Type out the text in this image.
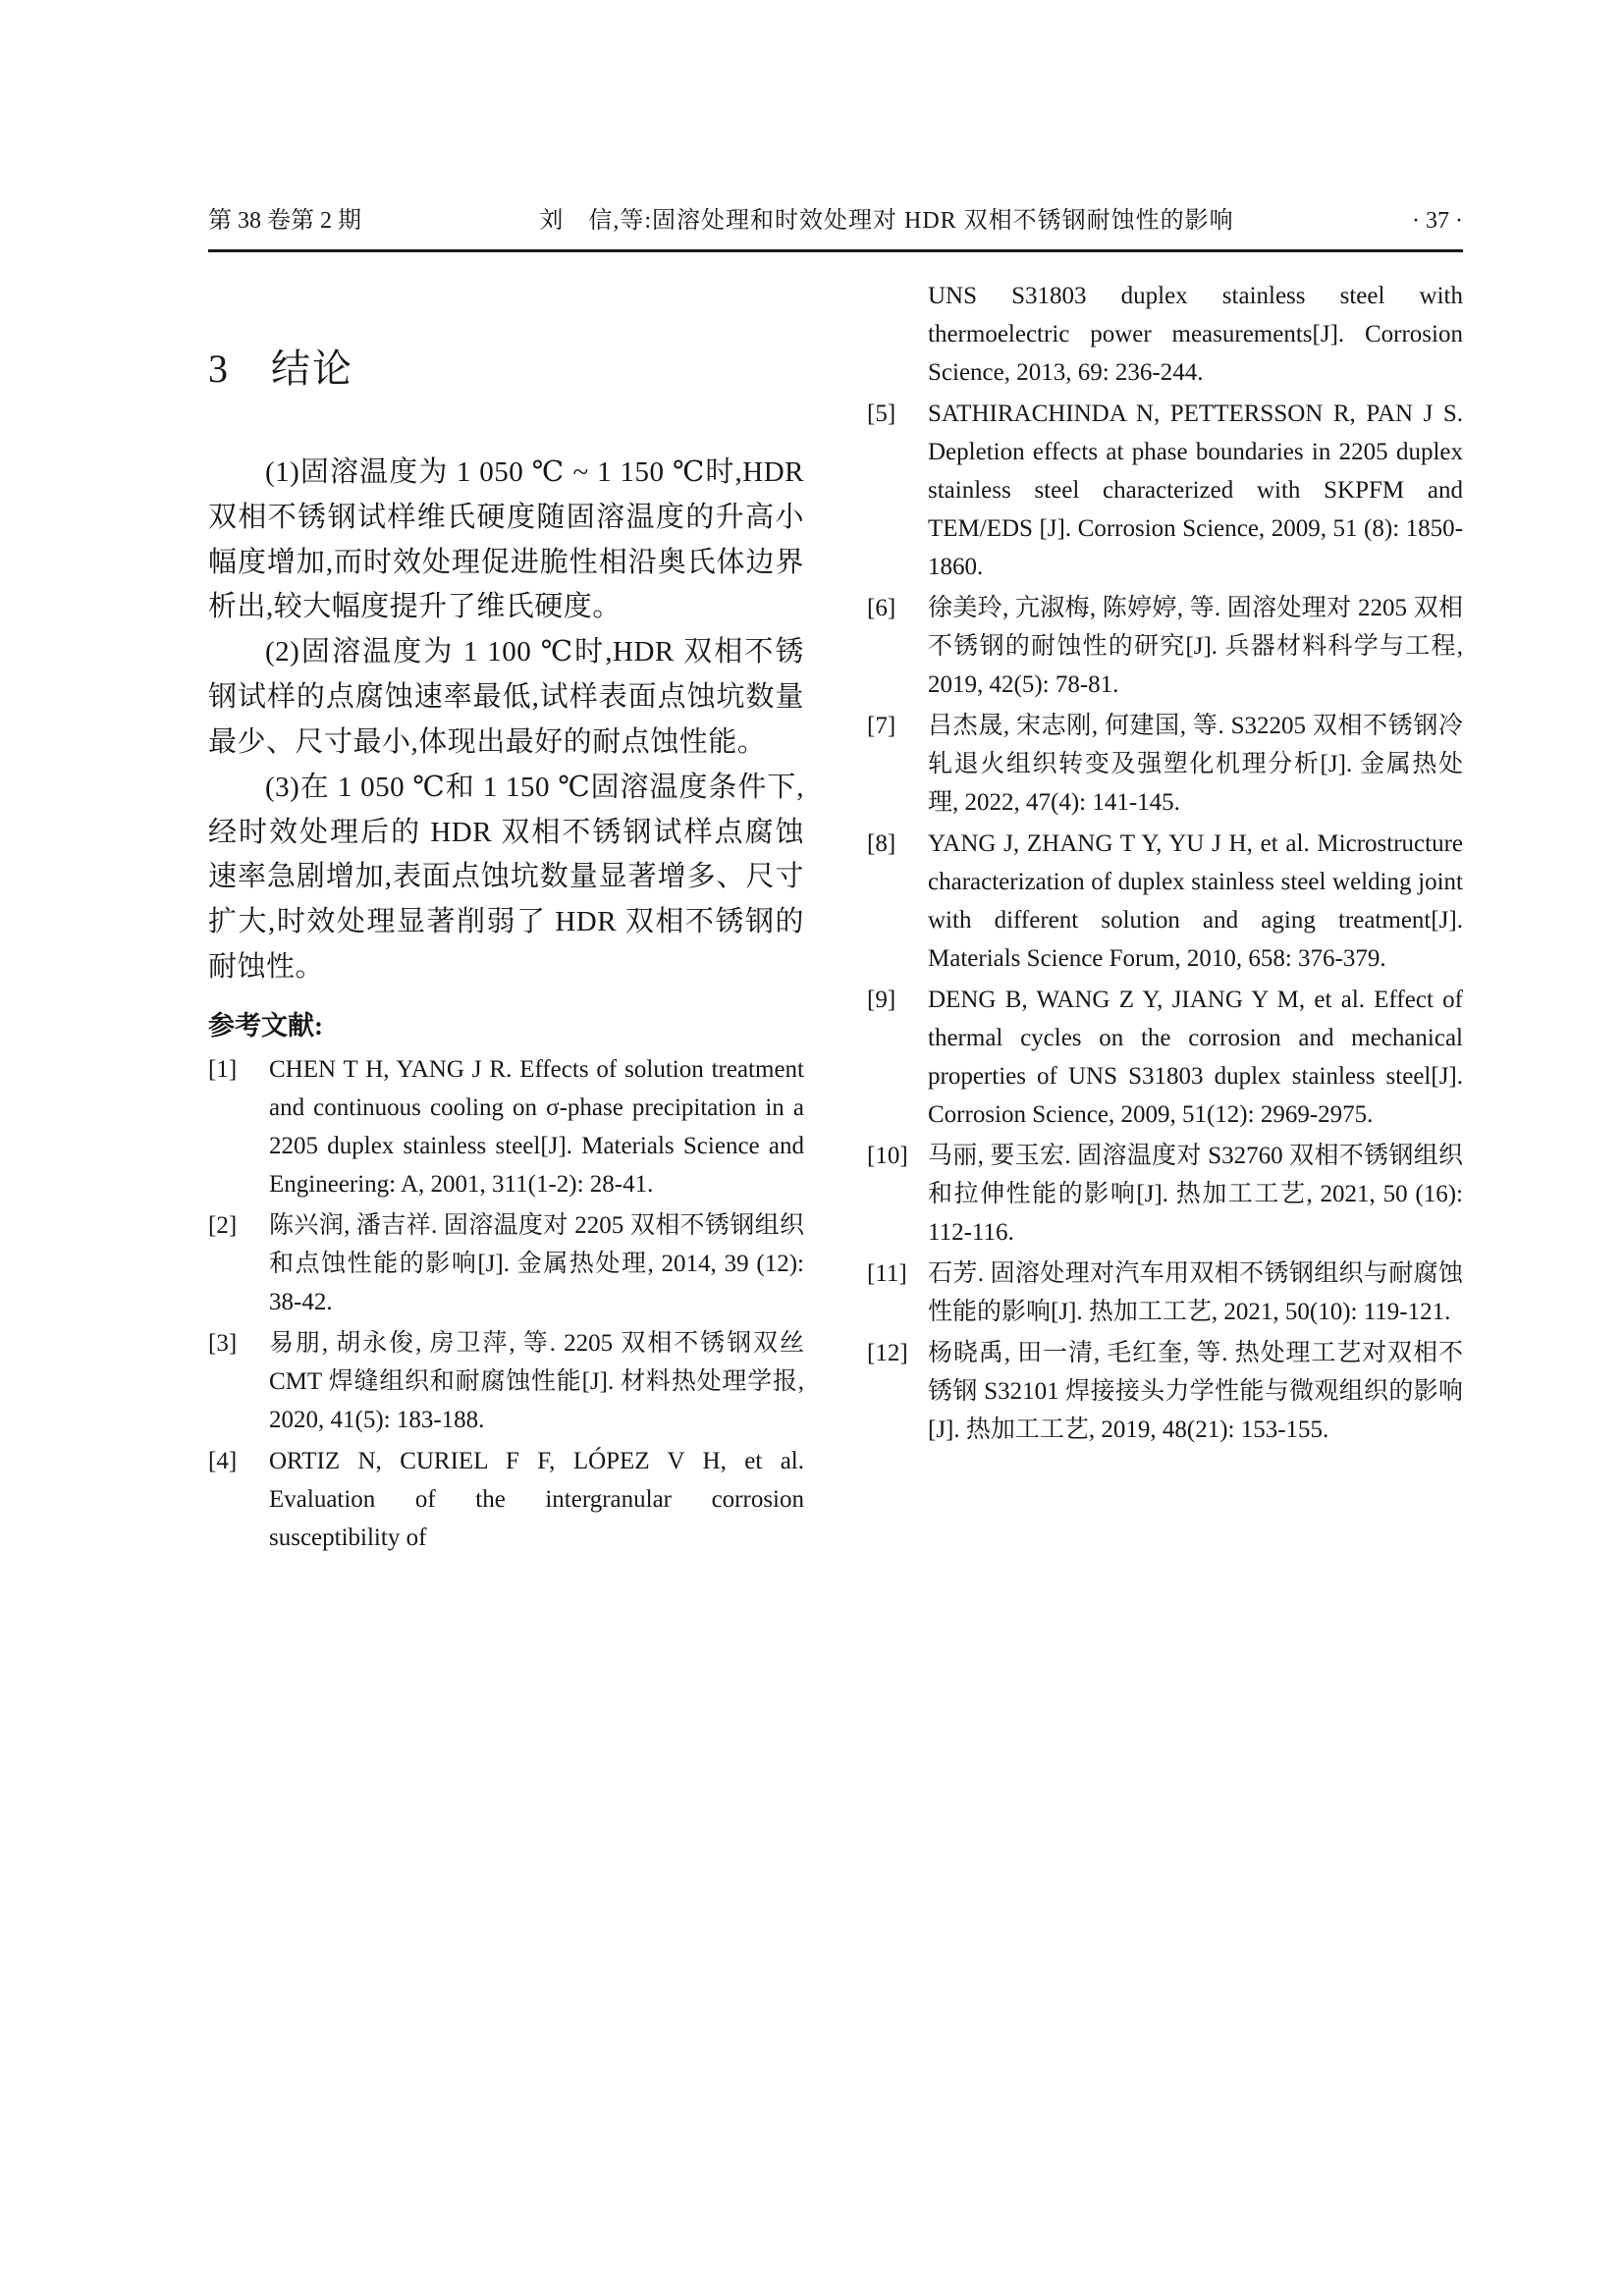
第 38 卷第 2 期	刘　信,等:固溶处理和时效处理对 HDR 双相不锈钢耐蚀性的影响	· 37 ·
3　结论

(1)固溶温度为 1 050 ℃ ~ 1 150 ℃时,HDR 双相不锈钢试样维氏硬度随固溶温度的升高小幅度增加,而时效处理促进脆性相沿奥氏体边界析出,较大幅度提升了维氏硬度。

(2)固溶温度为 1 100 ℃时,HDR 双相不锈钢试样的点腐蚀速率最低,试样表面点蚀坑数量最少、尺寸最小,体现出最好的耐点蚀性能。

(3)在 1 050 ℃和 1 150 ℃固溶温度条件下,经时效处理后的 HDR 双相不锈钢试样点腐蚀速率急剧增加,表面点蚀坑数量显著增多、尺寸扩大,时效处理显著削弱了 HDR 双相不锈钢的耐蚀性。

参考文献:
[1]	CHEN T H, YANG J R. Effects of solution treatment and continuous cooling on σ-phase precipitation in a 2205 duplex stainless steel[J]. Materials Science and Engineering: A, 2001, 311(1-2): 28-41.
[2]	陈兴润, 潘吉祥. 固溶温度对 2205 双相不锈钢组织和点蚀性能的影响[J]. 金属热处理, 2014, 39 (12): 38-42.
[3]	易朋, 胡永俊, 房卫萍, 等. 2205 双相不锈钢双丝 CMT 焊缝组织和耐腐蚀性能[J]. 材料热处理学报, 2020, 41(5): 183-188.
[4]	ORTIZ N, CURIEL F F, LÓPEZ V H, et al. Evaluation of the intergranular corrosion susceptibility of
UNS S31803 duplex stainless steel with thermoelectric power measurements[J]. Corrosion Science, 2013, 69: 236-244.
[5]	SATHIRACHINDA N, PETTERSSON R, PAN J S. Depletion effects at phase boundaries in 2205 duplex stainless steel characterized with SKPFM and TEM/EDS [J]. Corrosion Science, 2009, 51 (8): 1850-1860.
[6]	徐美玲, 亢淑梅, 陈婷婷, 等. 固溶处理对 2205 双相不锈钢的耐蚀性的研究[J]. 兵器材料科学与工程, 2019, 42(5): 78-81.
[7]	吕杰晟, 宋志刚, 何建国, 等. S32205 双相不锈钢冷轧退火组织转变及强塑化机理分析[J]. 金属热处理, 2022, 47(4): 141-145.
[8]	YANG J, ZHANG T Y, YU J H, et al. Microstructure characterization of duplex stainless steel welding joint with different solution and aging treatment[J]. Materials Science Forum, 2010, 658: 376-379.
[9]	DENG B, WANG Z Y, JIANG Y M, et al. Effect of thermal cycles on the corrosion and mechanical properties of UNS S31803 duplex stainless steel[J]. Corrosion Science, 2009, 51(12): 2969-2975.
[10] 马丽, 要玉宏. 固溶温度对 S32760 双相不锈钢组织和拉伸性能的影响[J]. 热加工工艺, 2021, 50 (16): 112-116.
[11] 石芳. 固溶处理对汽车用双相不锈钢组织与耐腐蚀性能的影响[J]. 热加工工艺, 2021, 50(10): 119-121.
[12] 杨晓禹, 田一清, 毛红奎, 等. 热处理工艺对双相不锈钢 S32101 焊接接头力学性能与微观组织的影响[J]. 热加工工艺, 2019, 48(21): 153-155.
